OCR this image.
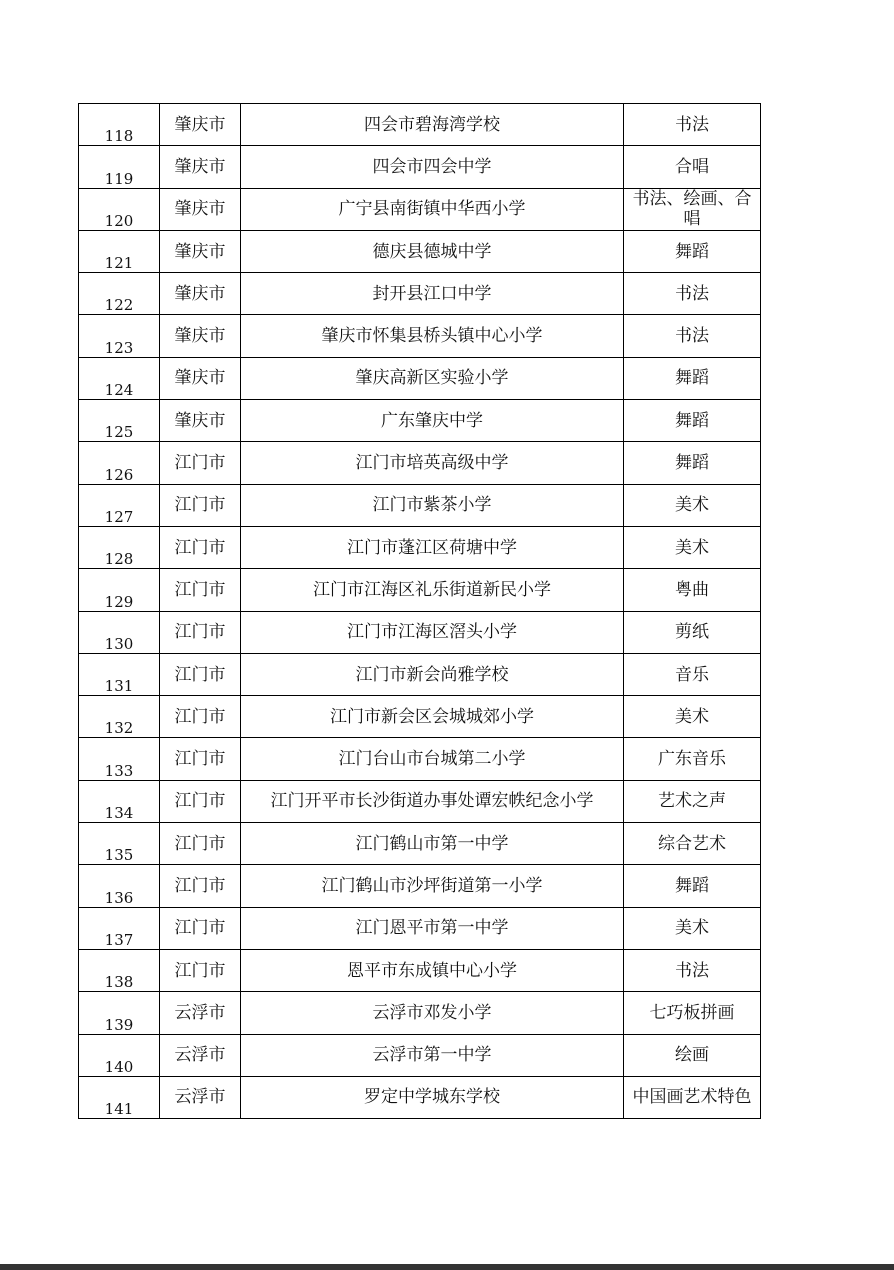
118	肇庆市	四会市碧海湾学校	书法
119	肇庆市	四会市四会中学	合唱
120	肇庆市	广宁县南街镇中华西小学	书法、绘画、合唱
121	肇庆市	德庆县德城中学	舞蹈
122	肇庆市	封开县江口中学	书法
123	肇庆市	肇庆市怀集县桥头镇中心小学	书法
124	肇庆市	肇庆高新区实验小学	舞蹈
125	肇庆市	广东肇庆中学	舞蹈
126	江门市	江门市培英高级中学	舞蹈
127	江门市	江门市紫茶小学	美术
128	江门市	江门市蓬江区荷塘中学	美术
129	江门市	江门市江海区礼乐街道新民小学	粤曲
130	江门市	江门市江海区滘头小学	剪纸
131	江门市	江门市新会尚雅学校	音乐
132	江门市	江门市新会区会城城郊小学	美术
133	江门市	江门台山市台城第二小学	广东音乐
134	江门市	江门开平市长沙街道办事处谭宏帙纪念小学	艺术之声
135	江门市	江门鹤山市第一中学	综合艺术
136	江门市	江门鹤山市沙坪街道第一小学	舞蹈
137	江门市	江门恩平市第一中学	美术
138	江门市	恩平市东成镇中心小学	书法
139	云浮市	云浮市邓发小学	七巧板拼画
140	云浮市	云浮市第一中学	绘画
141	云浮市	罗定中学城东学校	中国画艺术特色
